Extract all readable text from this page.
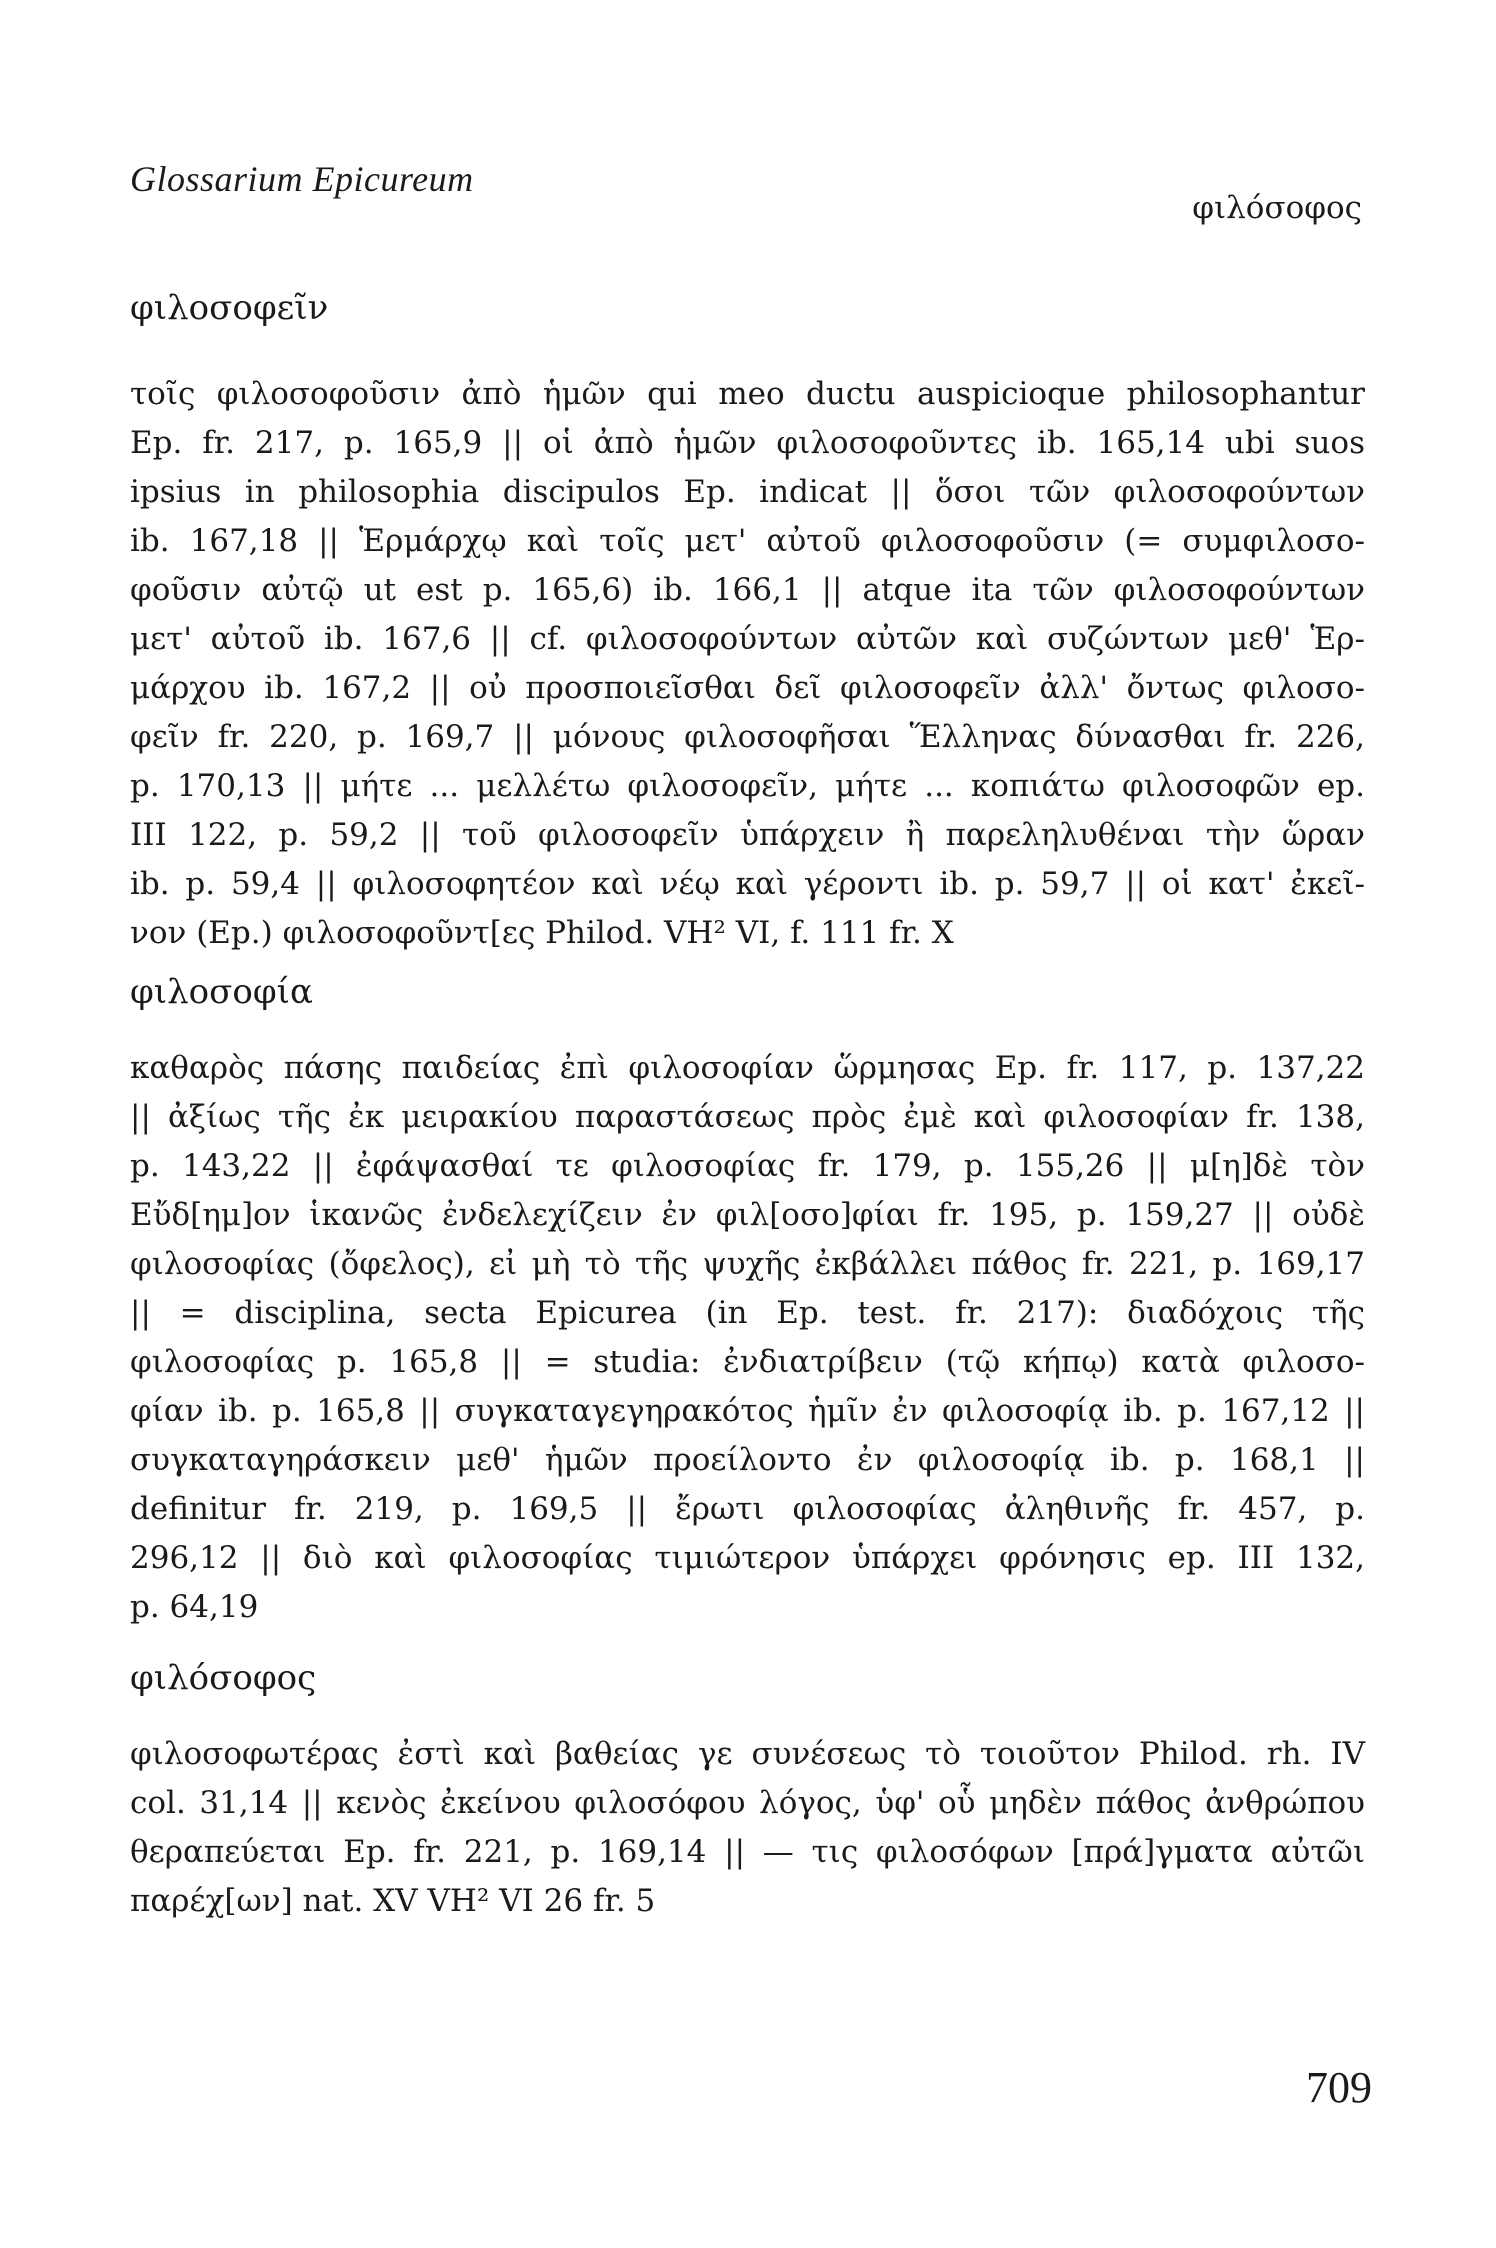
Glossarium Epicureum
φιλόσοφος
φιλοσοφεῖν
τοῖς φιλοσοφοῦσιν ἀπὸ ἡμῶν qui meo ductu auspicioque philosophantur
Ep. fr. 217, p. 165,9 || οἱ ἀπὸ ἡμῶν φιλοσοφοῦντες ib. 165,14 ubi suos
ipsius in philosophia discipulos Ep. indicat || ὅσοι τῶν φιλοσοφούντων
ib. 167,18 || Ἑρμάρχῳ καὶ τοῖς μετ' αὐτοῦ φιλοσοφοῦσιν (= συμφιλοσο-
φοῦσιν αὐτῷ ut est p. 165,6) ib. 166,1 || atque ita τῶν φιλοσοφούντων
μετ' αὐτοῦ ib. 167,6 || cf. φιλοσοφούντων αὐτῶν καὶ συζώντων μεθ' Ἑρ-
μάρχου ib. 167,2 || οὐ προσποιεῖσθαι δεῖ φιλοσοφεῖν ἀλλ' ὄντως φιλοσο-
φεῖν fr. 220, p. 169,7 || μόνους φιλοσοφῆσαι Ἕλληνας δύνασθαι fr. 226,
p. 170,13 || μήτε ... μελλέτω φιλοσοφεῖν, μήτε ... κοπιάτω φιλοσοφῶν ep.
III 122, p. 59,2 || τοῦ φιλοσοφεῖν ὑπάρχειν ἢ παρεληλυθέναι τὴν ὥραν
ib. p. 59,4 || φιλοσοφητέον καὶ νέῳ καὶ γέροντι ib. p. 59,7 || οἱ κατ' ἐκεῖ-
νον (Ep.) φιλοσοφοῦντ[ες Philod. VH² VI, f. 111 fr. X
φιλοσοφία
καθαρὸς πάσης παιδείας ἐπὶ φιλοσοφίαν ὥρμησας Ep. fr. 117, p. 137,22
|| ἀξίως τῆς ἐκ μειρακίου παραστάσεως πρὸς ἐμὲ καὶ φιλοσοφίαν fr. 138,
p. 143,22 || ἐφάψασθαί τε φιλοσοφίας fr. 179, p. 155,26 || μ[η]δὲ τὸν
Εὔδ[ημ]ον ἱκανῶς ἐνδελεχίζειν ἐν φιλ[οσο]φίαι fr. 195, p. 159,27 || οὐδὲ
φιλοσοφίας (ὄφελος), εἰ μὴ τὸ τῆς ψυχῆς ἐκβάλλει πάθος fr. 221, p. 169,17
|| = disciplina, secta Epicurea (in Ep. test. fr. 217): διαδόχοις τῆς
φιλοσοφίας p. 165,8 || = studia: ἐνδιατρίβειν (τῷ κήπῳ) κατὰ φιλοσο-
φίαν ib. p. 165,8 || συγκαταγεγηρακότος ἡμῖν ἐν φιλοσοφίᾳ ib. p. 167,12 ||
συγκαταγηράσκειν μεθ' ἡμῶν προείλοντο ἐν φιλοσοφίᾳ ib. p. 168,1 ||
definitur fr. 219, p. 169,5 || ἔρωτι φιλοσοφίας ἀληθινῆς fr. 457, p.
296,12 || διὸ καὶ φιλοσοφίας τιμιώτερον ὑπάρχει φρόνησις ep. III 132,
p. 64,19
φιλόσοφος
φιλοσοφωτέρας ἐστὶ καὶ βαθείας γε συνέσεως τὸ τοιοῦτον Philod. rh. IV
col. 31,14 || κενὸς ἐκείνου φιλοσόφου λόγος, ὑφ' οὗ μηδὲν πάθος ἀνθρώπου
θεραπεύεται Ep. fr. 221, p. 169,14 || — τις φιλοσόφων [πρά]γματα αὐτῶι
παρέχ[ων] nat. XV VH² VI 26 fr. 5
709
